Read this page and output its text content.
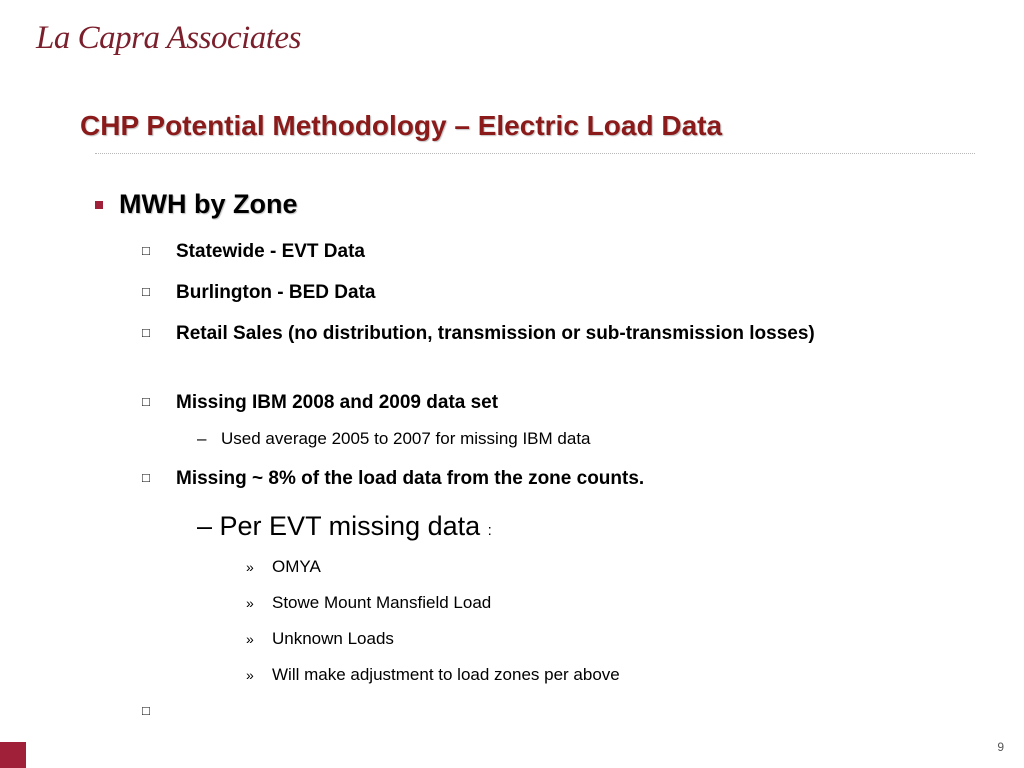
La Capra Associates
CHP Potential Methodology – Electric Load Data
MWH by Zone
□ Statewide - EVT Data
□ Burlington - BED Data
□ Retail Sales (no distribution, transmission or sub-transmission losses)
□ Missing IBM 2008 and 2009 data set
– Used average 2005 to 2007 for missing IBM data
□ Missing ~ 8% of the load data from the zone counts.
– Per EVT missing data :
» OMYA
» Stowe Mount Mansfield Load
» Unknown Loads
» Will make adjustment to load zones per above
□
9
